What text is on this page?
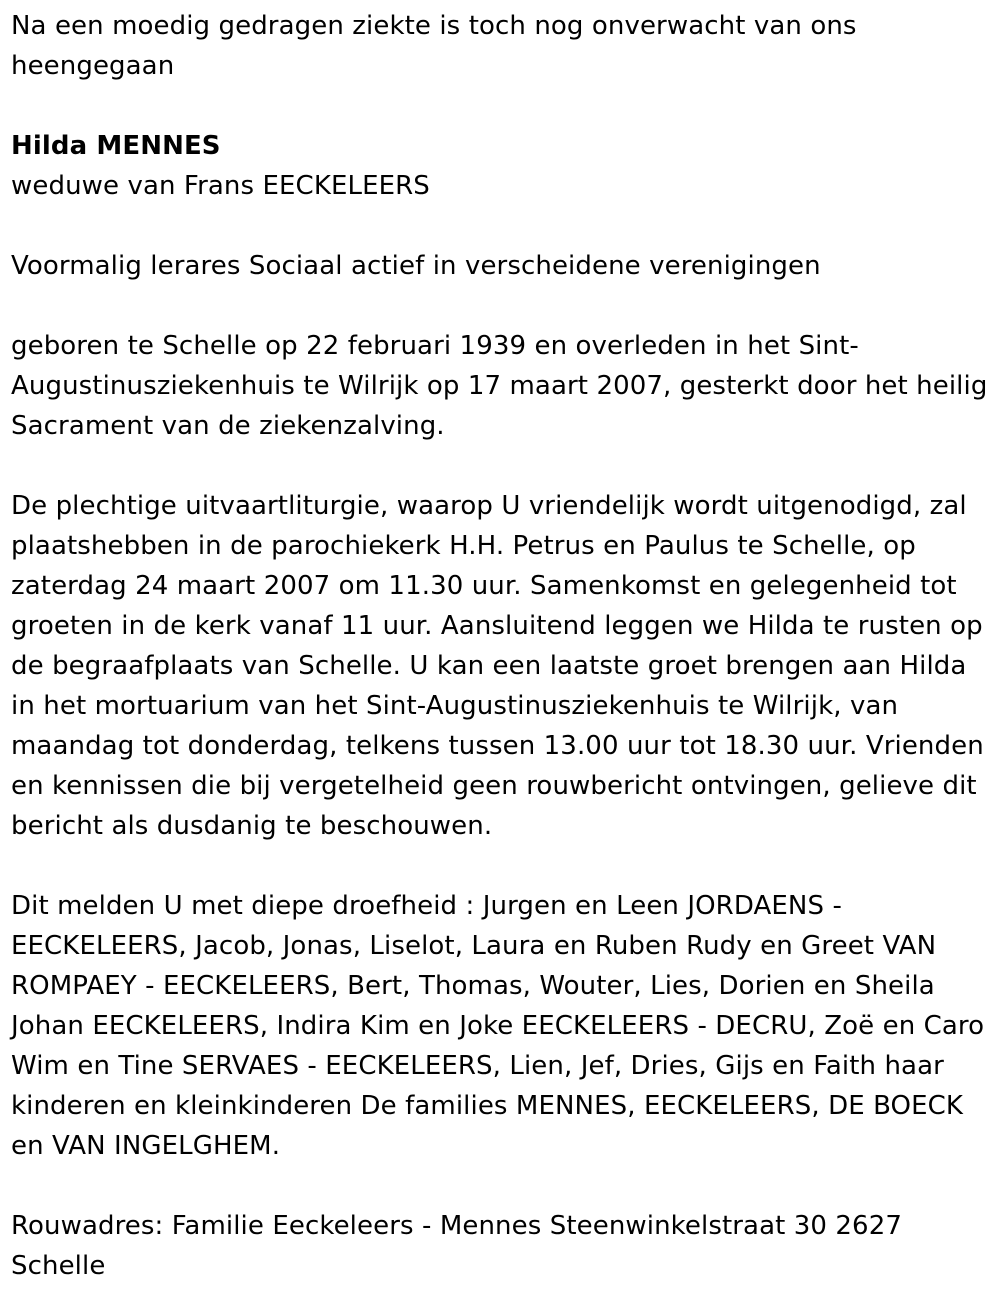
Na een moedig gedragen ziekte is toch nog onverwacht van ons heengegaan

Hilda MENNES

weduwe van Frans EECKELEERS

Voormalig lerares Sociaal actief in verscheidene verenigingen

geboren te Schelle op 22 februari 1939 en overleden in het Sint-Augustinusziekenhuis te Wilrijk op 17 maart 2007, gesterkt door het heilig Sacrament van de ziekenzalving.

De plechtige uitvaartliturgie, waarop U vriendelijk wordt uitgenodigd, zal plaatshebben in de parochiekerk H.H. Petrus en Paulus te Schelle, op zaterdag 24 maart 2007 om 11.30 uur. Samenkomst en gelegenheid tot groeten in de kerk vanaf 11 uur. Aansluitend leggen we Hilda te rusten op de begraafplaats van Schelle. U kan een laatste groet brengen aan Hilda in het mortuarium van het Sint-Augustinusziekenhuis te Wilrijk, van maandag tot donderdag, telkens tussen 13.00 uur tot 18.30 uur. Vrienden en kennissen die bij vergetelheid geen rouwbericht ontvingen, gelieve dit bericht als dusdanig te beschouwen.

Dit melden U met diepe droefheid : Jurgen en Leen JORDAENS - EECKELEERS, Jacob, Jonas, Liselot, Laura en Ruben Rudy en Greet VAN ROMPAEY - EECKELEERS, Bert, Thomas, Wouter, Lies, Dorien en Sheila Johan EECKELEERS, Indira Kim en Joke EECKELEERS - DECRU, Zoë en Caro Wim en Tine SERVAES - EECKELEERS, Lien, Jef, Dries, Gijs en Faith haar kinderen en kleinkinderen De families MENNES, EECKELEERS, DE BOECK en VAN INGELGHEM.

Rouwadres: Familie Eeckeleers - Mennes Steenwinkelstraat 30 2627 Schelle
